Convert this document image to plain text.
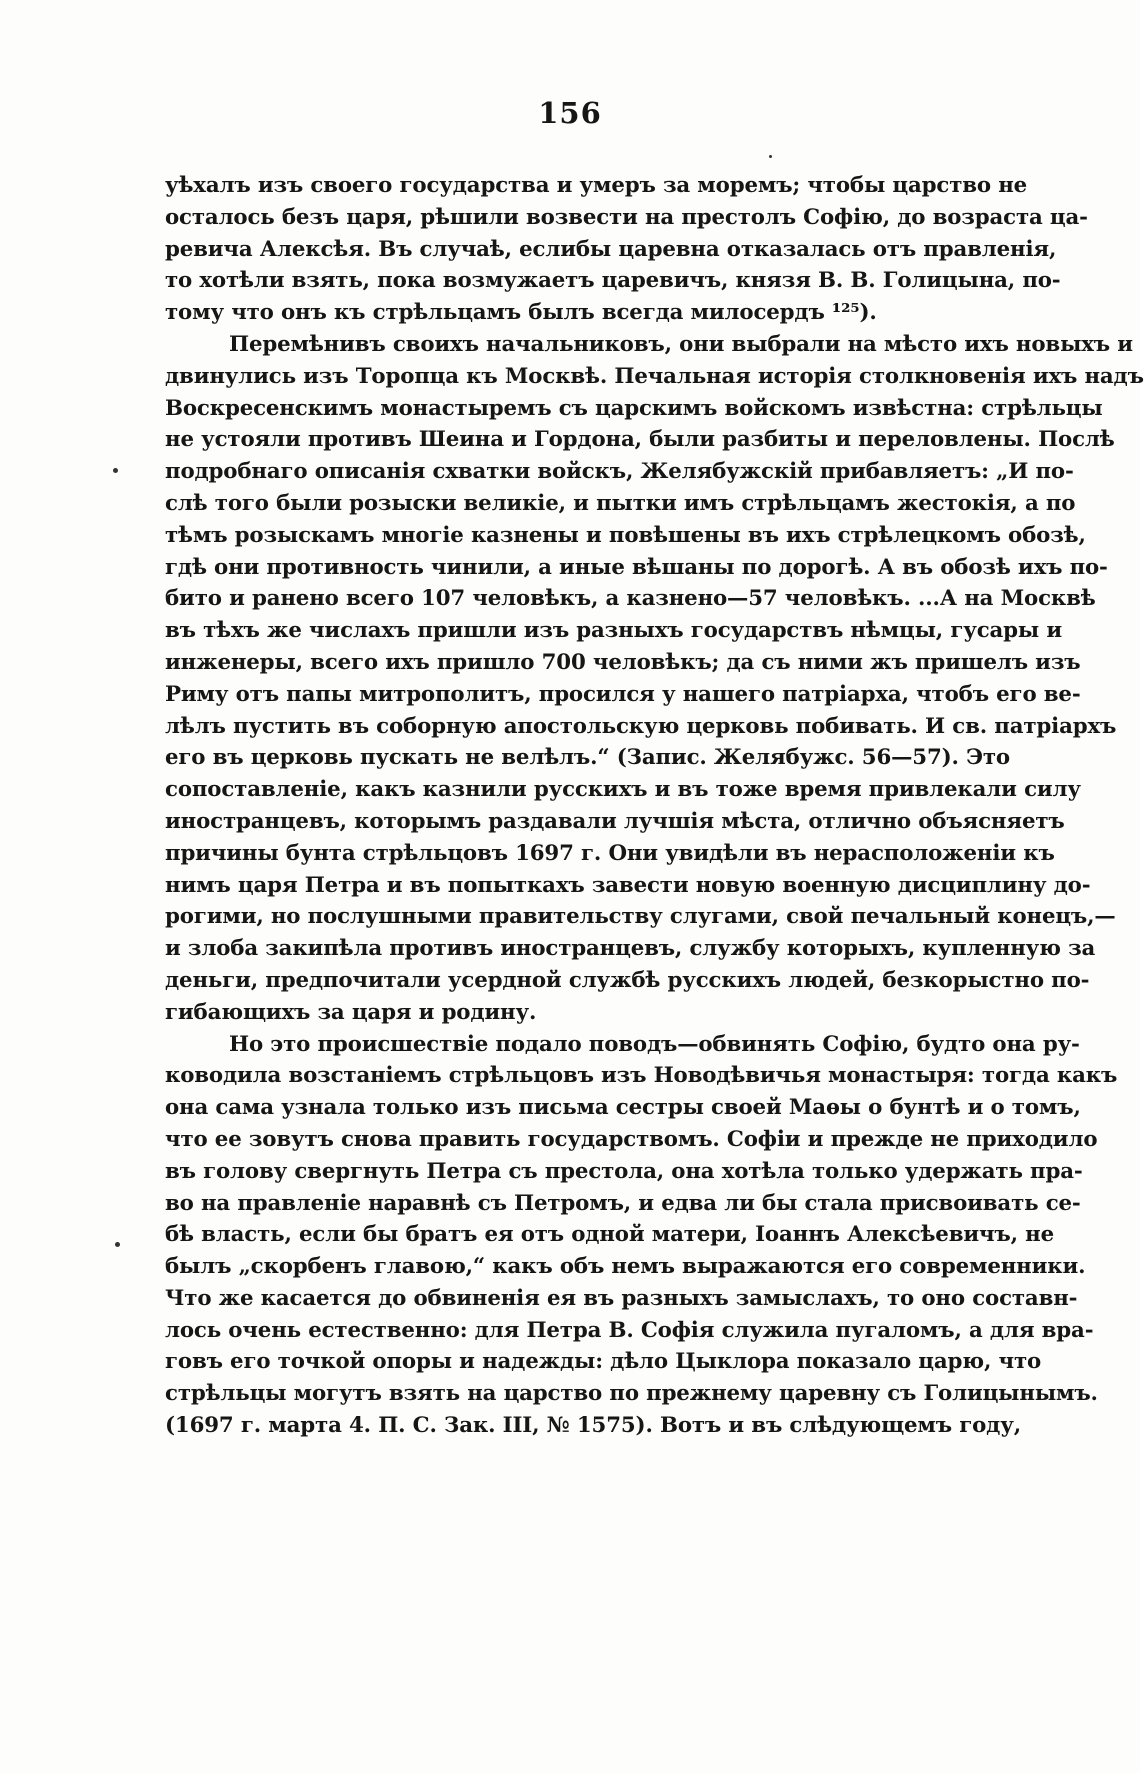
156
уѣхалъ изъ своего государства и умеръ за моремъ; чтобы царство не
осталось безъ царя, рѣшили возвести на престолъ Софію, до возраста ца-
ревича Алексѣя. Въ случаѣ, еслибы царевна отказалась отъ правленія,
то хотѣли взять, пока возмужаетъ царевичъ, князя В. В. Голицына, по-
тому что онъ къ стрѣльцамъ былъ всегда милосердъ ¹²⁵).
Перемѣнивъ своихъ начальниковъ, они выбрали на мѣсто ихъ новыхъ и
двинулись изъ Торопца къ Москвѣ. Печальная исторія столкновенія ихъ надъ
Воскресенскимъ монастыремъ съ царскимъ войскомъ извѣстна: стрѣльцы
не устояли противъ Шеина и Гордона, были разбиты и переловлены. Послѣ
подробнаго описанія схватки войскъ, Желябужскій прибавляетъ: „И по-
слѣ того были розыски великіе, и пытки имъ стрѣльцамъ жестокія, а по
тѣмъ розыскамъ многіе казнены и повѣшены въ ихъ стрѣлецкомъ обозѣ,
гдѣ они противность чинили, а иные вѣшаны по дорогѣ. А въ обозѣ ихъ по-
бито и ранено всего 107 человѣкъ, а казнено—57 человѣкъ. ...А на Москвѣ
въ тѣхъ же числахъ пришли изъ разныхъ государствъ нѣмцы, гусары и
инженеры, всего ихъ пришло 700 человѣкъ; да съ ними жъ пришелъ изъ
Риму отъ папы митрополитъ, просился у нашего патріарха, чтобъ его ве-
лѣлъ пустить въ соборную апостольскую церковь побивать. И св. патріархъ
его въ церковь пускать не велѣлъ.“ (Запис. Желябужс. 56—57). Это
сопоставленіе, какъ казнили русскихъ и въ тоже время привлекали силу
иностранцевъ, которымъ раздавали лучшія мѣста, отлично объясняетъ
причины бунта стрѣльцовъ 1697 г. Они увидѣли въ нерасположеніи къ
нимъ царя Петра и въ попыткахъ завести новую военную дисциплину до-
рогими, но послушными правительству слугами, свой печальный конецъ,—
и злоба закипѣла противъ иностранцевъ, службу которыхъ, купленную за
деньги, предпочитали усердной службѣ русскихъ людей, безкорыстно по-
гибающихъ за царя и родину.
Но это происшествіе подало поводъ—обвинять Софію, будто она ру-
ководила возстаніемъ стрѣльцовъ изъ Новодѣвичья монастыря: тогда какъ
она сама узнала только изъ письма сестры своей Маѳы о бунтѣ и о томъ,
что ее зовутъ снова править государствомъ. Софіи и прежде не приходило
въ голову свергнуть Петра съ престола, она хотѣла только удержать пра-
во на правленіе наравнѣ съ Петромъ, и едва ли бы стала присвоивать се-
бѣ власть, если бы братъ ея отъ одной матери, Іоаннъ Алексѣевичъ, не
былъ „скорбенъ главою,“ какъ объ немъ выражаются его современники.
Что же касается до обвиненія ея въ разныхъ замыслахъ, то оно составн-
лось очень естественно: для Петра В. Софія служила пугаломъ, а для вра-
говъ его точкой опоры и надежды: дѣло Цыклора показало царю, что
стрѣльцы могутъ взять на царство по прежнему царевну съ Голицынымъ.
(1697 г. марта 4. П. С. Зак. III, № 1575). Вотъ и въ слѣдующемъ году,
